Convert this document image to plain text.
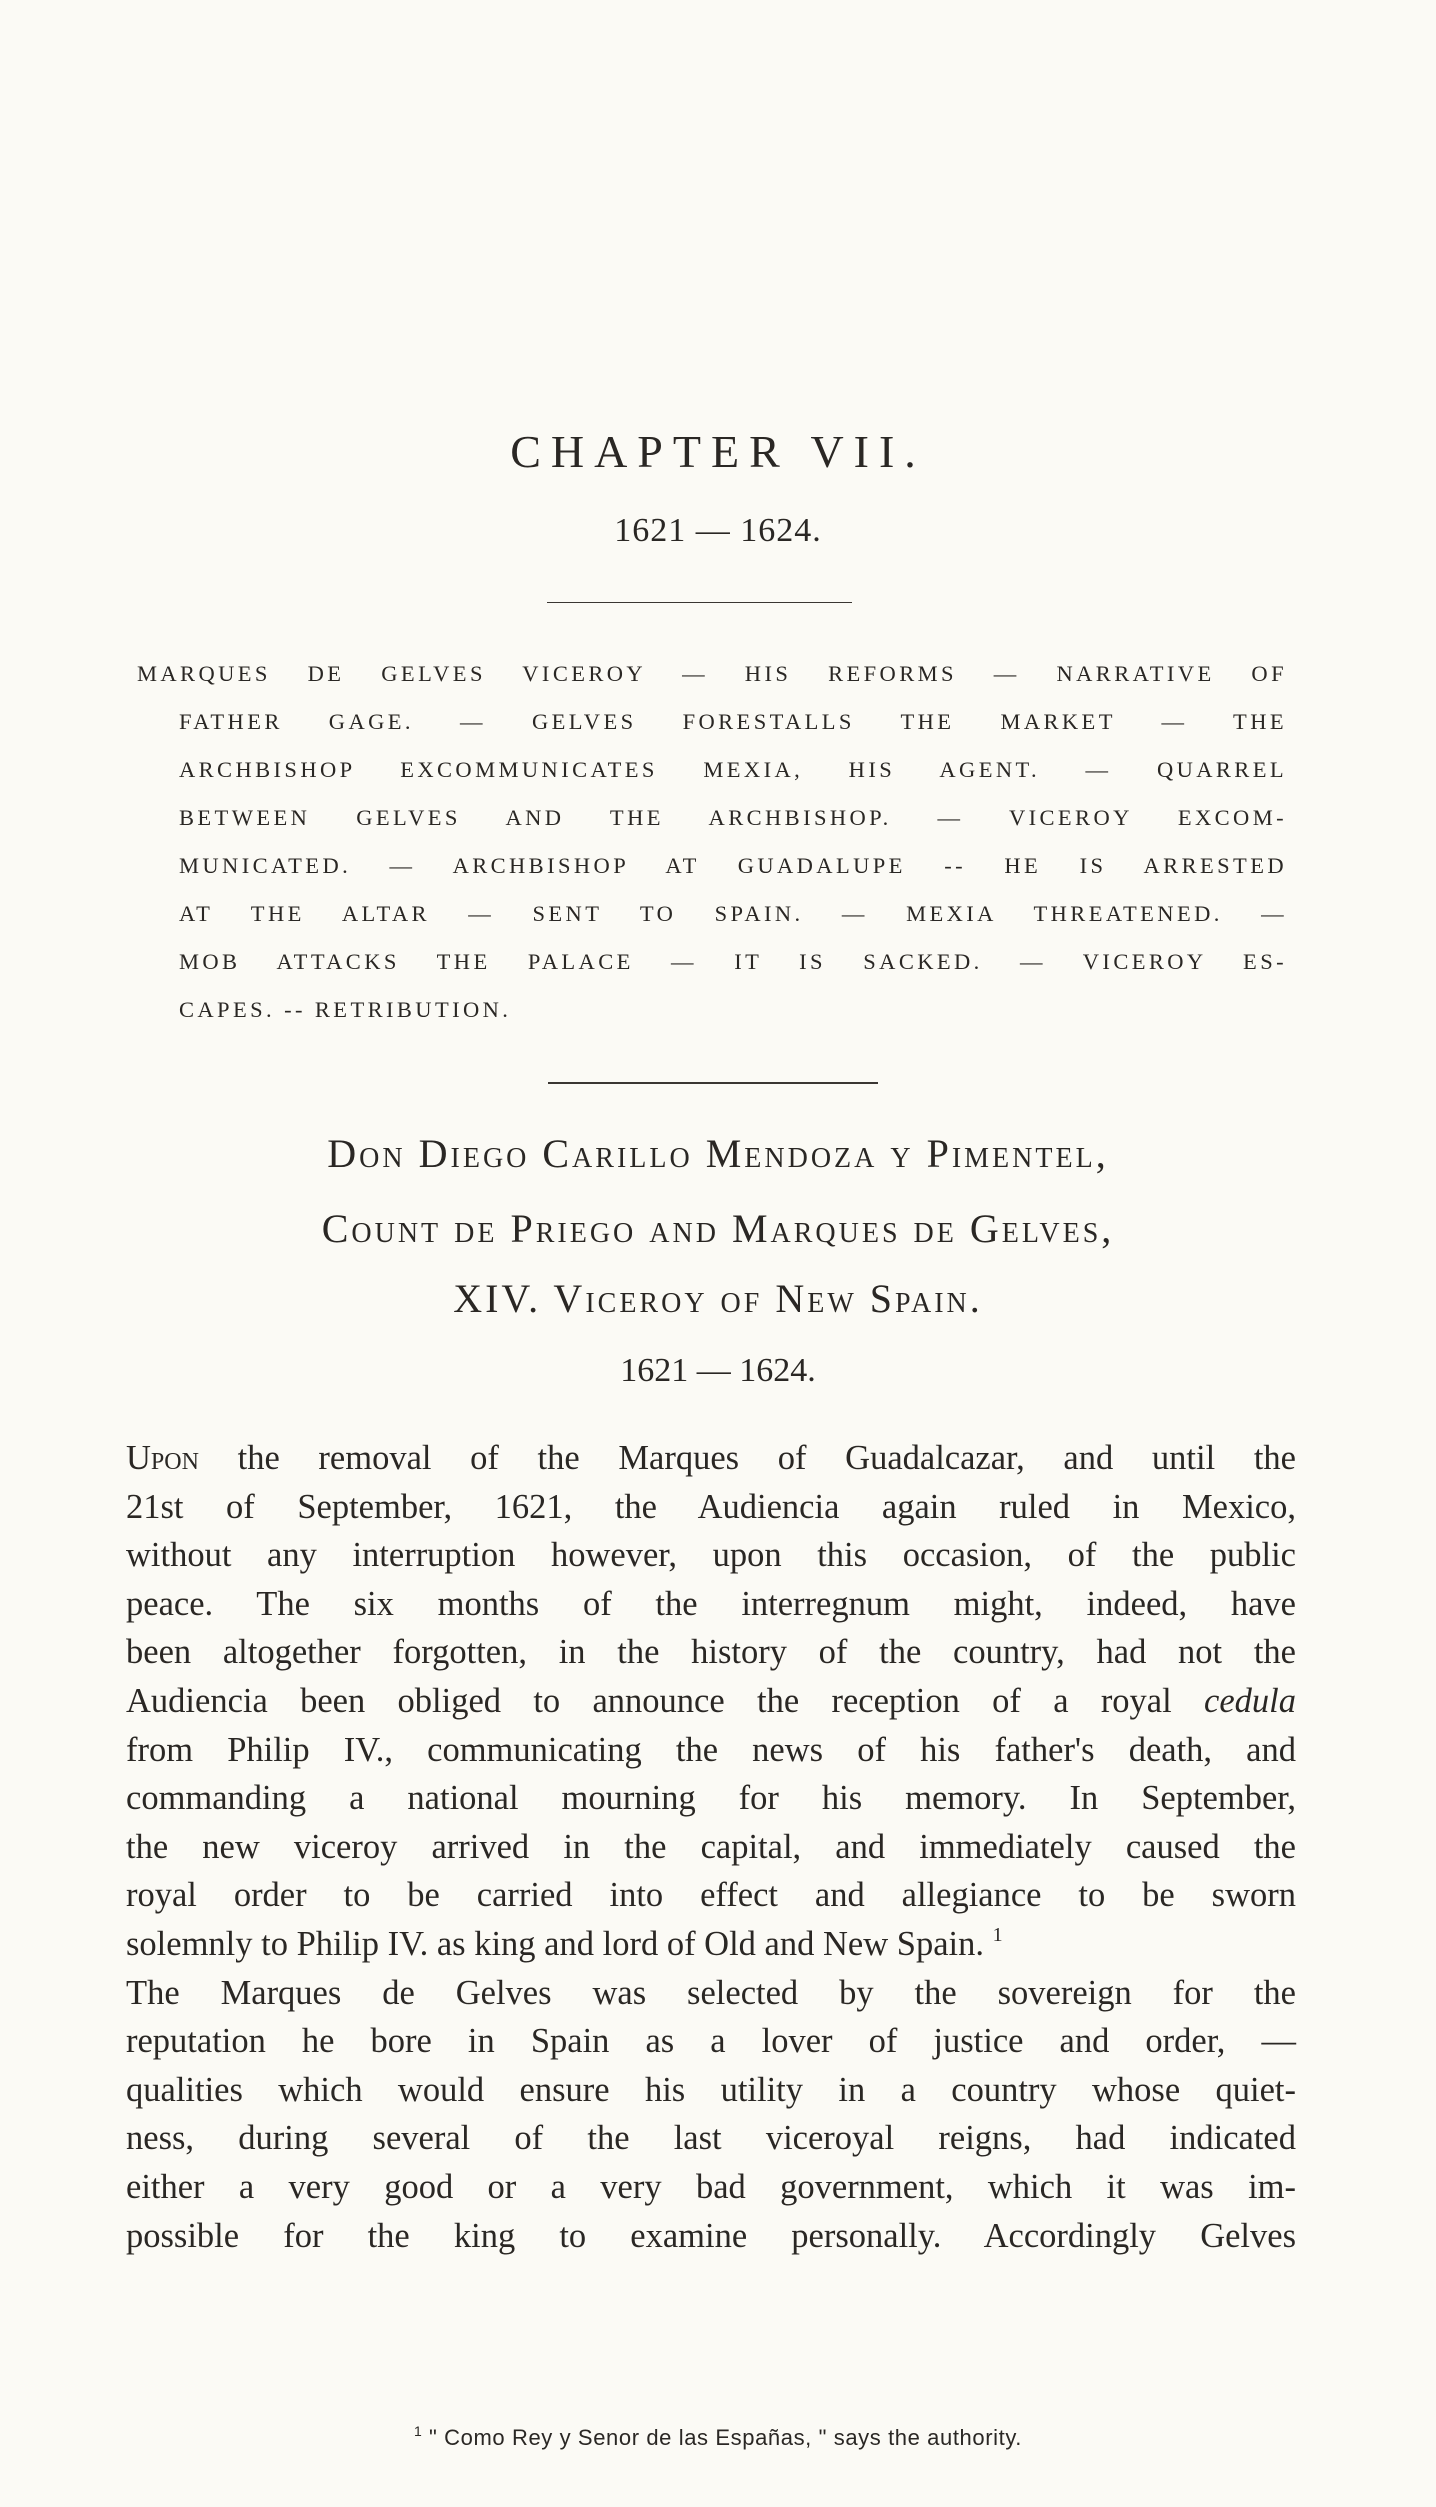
CHAPTER VII.
1621 — 1624.
MARQUES DE GELVES VICEROY — HIS REFORMS — NARRATIVE OF
FATHER GAGE. — GELVES FORESTALLS THE MARKET — THE
ARCHBISHOP EXCOMMUNICATES MEXIA, HIS AGENT. — QUARREL
BETWEEN GELVES AND THE ARCHBISHOP. — VICEROY EXCOM-
MUNICATED. — ARCHBISHOP AT GUADALUPE -- HE IS ARRESTED
AT THE ALTAR — SENT TO SPAIN. — MEXIA THREATENED. —
MOB ATTACKS THE PALACE — IT IS SACKED. — VICEROY ES-
CAPES. -- RETRIBUTION.
Don Diego Carillo Mendoza y Pimentel,
Count de Priego and Marques de Gelves,
XIV. Viceroy of New Spain.
1621 — 1624.
Upon the removal of the Marques of Guadalcazar, and until the
21st of September, 1621, the Audiencia again ruled in Mexico,
without any interruption however, upon this occasion, of the public
peace. The six months of the interregnum might, indeed, have
been altogether forgotten, in the history of the country, had not the
Audiencia been obliged to announce the reception of a royal cedula
from Philip IV., communicating the news of his father's death, and
commanding a national mourning for his memory. In September,
the new viceroy arrived in the capital, and immediately caused the
royal order to be carried into effect and allegiance to be sworn
solemnly to Philip IV. as king and lord of Old and New Spain. $^1$
The Marques de Gelves was selected by the sovereign for the
reputation he bore in Spain as a lover of justice and order, —
qualities which would ensure his utility in a country whose quiet-
ness, during several of the last viceroyal reigns, had indicated
either a very good or a very bad government, which it was im-
possible for the king to examine personally. Accordingly Gelves
$^1$ " Como Rey y Senor de las Españas, " says the authority.
